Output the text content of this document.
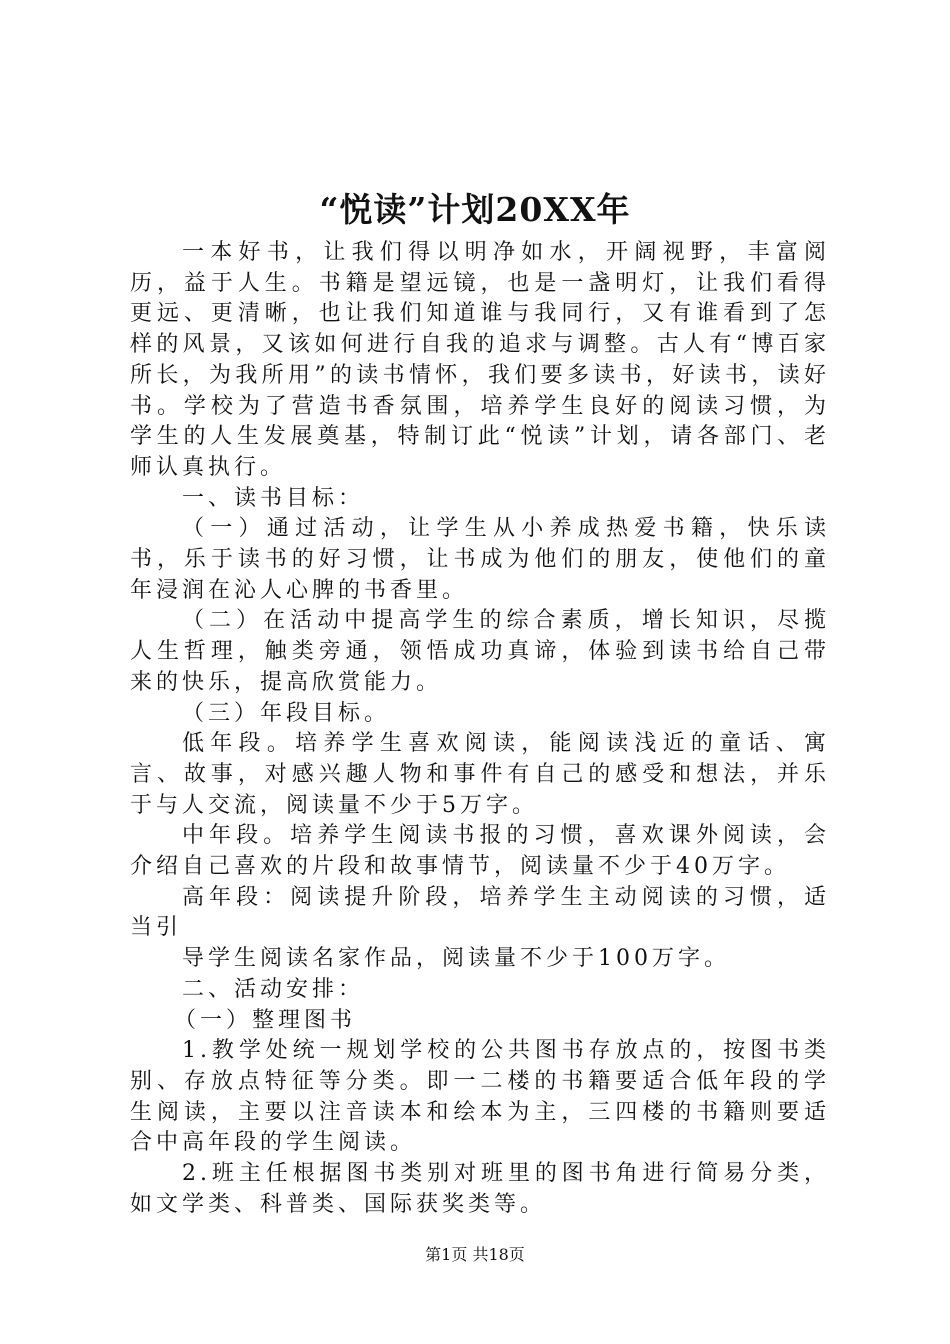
“悦读”计划20XX年

一本好书，让我们得以明净如水，开阔视野，丰富阅历，益于人生。书籍是望远镜，也是一盏明灯，让我们看得更远、更清晰，也让我们知道谁与我同行，又有谁看到了怎样的风景，又该如何进行自我的追求与调整。古人有“博百家所长，为我所用”的读书情怀，我们要多读书，好读书，读好书。学校为了营造书香氛围，培养学生良好的阅读习惯，为学生的人生发展奠基，特制订此“悦读”计划，请各部门、老师认真执行。

一、读书目标：

（一）通过活动，让学生从小养成热爱书籍，快乐读书，乐于读书的好习惯，让书成为他们的朋友，使他们的童年浸润在沁人心脾的书香里。

（二）在活动中提高学生的综合素质，增长知识，尽揽人生哲理，触类旁通，领悟成功真谛，体验到读书给自己带来的快乐，提高欣赏能力。

（三）年段目标。

低年段。培养学生喜欢阅读，能阅读浅近的童话、寓言、故事，对感兴趣人物和事件有自己的感受和想法，并乐于与人交流，阅读量不少于5万字。

中年段。培养学生阅读书报的习惯，喜欢课外阅读，会介绍自己喜欢的片段和故事情节，阅读量不少于40万字。

高年段：阅读提升阶段，培养学生主动阅读的习惯，适当引

导学生阅读名家作品，阅读量不少于100万字。

二、活动安排：

（一）整理图书

1.教学处统一规划学校的公共图书存放点的，按图书类别、存放点特征等分类。即一二楼的书籍要适合低年段的学生阅读，主要以注音读本和绘本为主，三四楼的书籍则要适合中高年段的学生阅读。

2.班主任根据图书类别对班里的图书角进行简易分类，如文学类、科普类、国际获奖类等。

第1页 共18页
